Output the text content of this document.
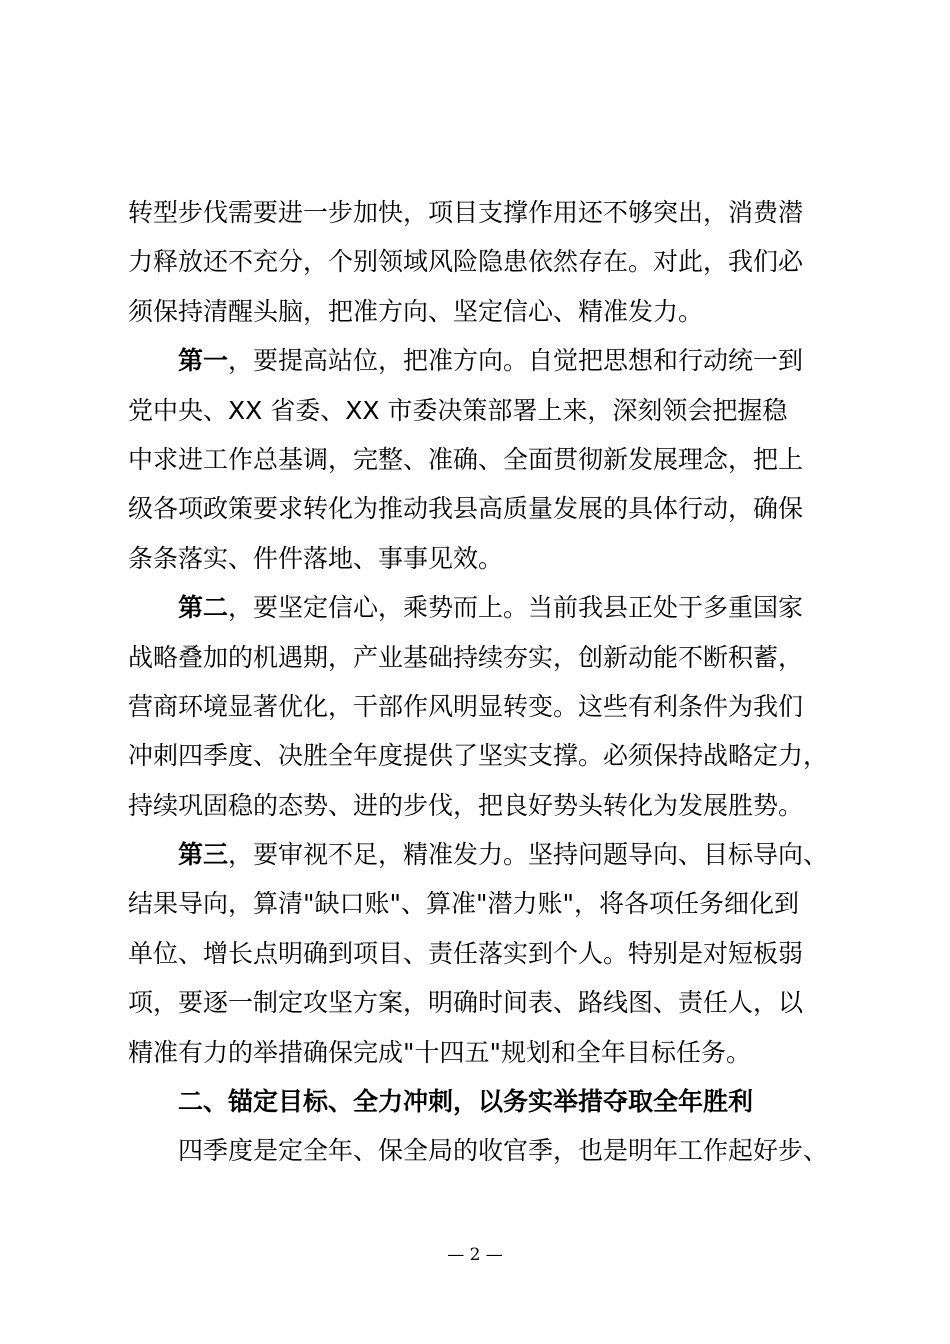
转型步伐需要进一步加快，项目支撑作用还不够突出，消费潜
力释放还不充分，个别领域风险隐患依然存在。对此，我们必
须保持清醒头脑，把准方向、坚定信心、精准发力。
第一，要提高站位，把准方向。自觉把思想和行动统一到
党中央、XX 省委、XX 市委决策部署上来，深刻领会把握稳
中求进工作总基调，完整、准确、全面贯彻新发展理念，把上
级各项政策要求转化为推动我县高质量发展的具体行动，确保
条条落实、件件落地、事事见效。
第二，要坚定信心，乘势而上。当前我县正处于多重国家
战略叠加的机遇期，产业基础持续夯实，创新动能不断积蓄，
营商环境显著优化，干部作风明显转变。这些有利条件为我们
冲刺四季度、决胜全年度提供了坚实支撑。必须保持战略定力，
持续巩固稳的态势、进的步伐，把良好势头转化为发展胜势。
第三，要审视不足，精准发力。坚持问题导向、目标导向、
结果导向，算清"缺口账"、算准"潜力账"，将各项任务细化到
单位、增长点明确到项目、责任落实到个人。特别是对短板弱
项，要逐一制定攻坚方案，明确时间表、路线图、责任人，以
精准有力的举措确保完成"十四五"规划和全年目标任务。
二、锚定目标、全力冲刺，以务实举措夺取全年胜利
四季度是定全年、保全局的收官季，也是明年工作起好步、
— 2 —
